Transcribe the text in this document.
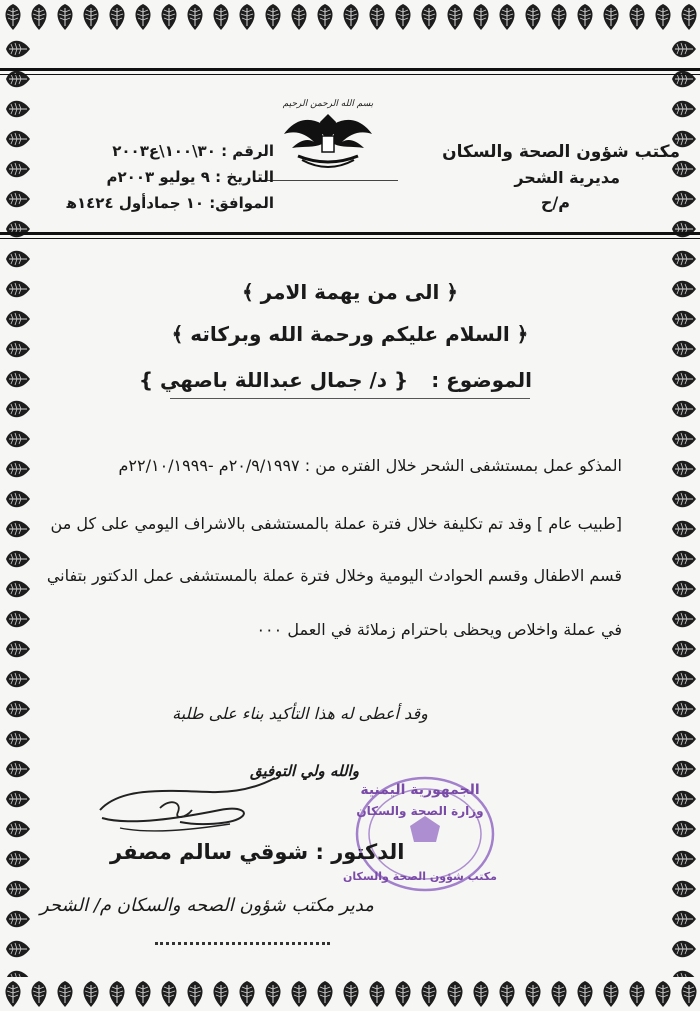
بسم الله الرحمن الرحيم
الرقم : ٣٠\١٠٠\ع٢٠٠٣
التاريخ : ٩ يوليو ٢٠٠٣م
الموافق: ١٠ جمادأول ١٤٢٤ﻫ
مكتب شؤون الصحة والسكان
مديرية الشحر
م/ح
﴿ الى من يهمة الامر ﴾
﴿ السلام عليكم ورحمة الله وبركاته ﴾
الموضوع : { د/ جمال عبداللة باصهي }
المذكو عمل بمستشفى الشحر خلال الفتره من : ٢٠/٩/١٩٩٧م -٢٢/١٠/١٩٩٩م
[طبيب عام ] وقد تم تكليفة خلال فترة عملة بالمستشفى بالاشراف اليومي على كل من
قسم الاطفال وقسم الحوادث اليومية وخلال فترة عملة بالمستشفى عمل الدكتور بتفاني
في عملة واخلاص ويحظى باحترام زملائة في العمل ٠٠٠
وقد أعطى له هذا التأكيد بناء على طلبة
والله ولي التوفيق
الجمهورية اليمنية
وزارة الصحة والسكان
مكتب شؤون الصحة والسكان
الدكتور : شوقي سالم مصفر
مدير مكتب شؤون الصحه والسكان م/ الشحر
